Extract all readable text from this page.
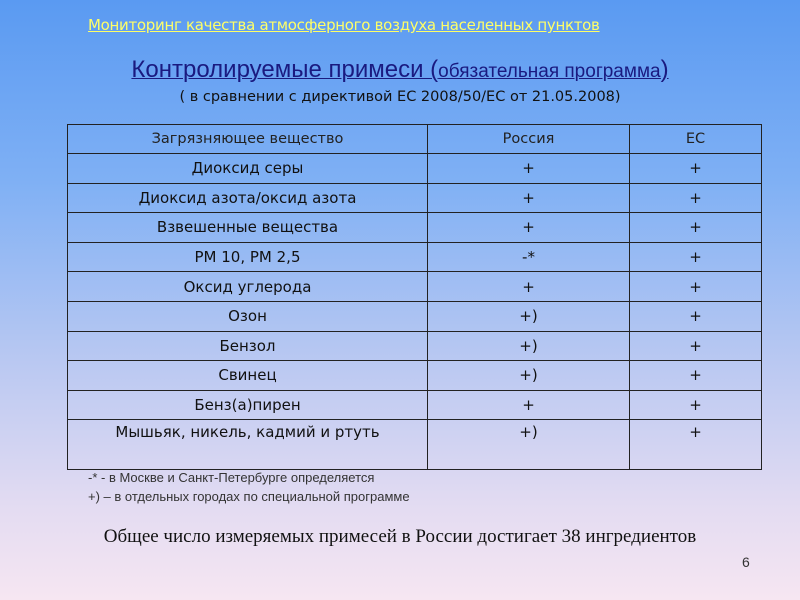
Мониторинг качества атмосферного воздуха населенных пунктов
Контролируемые примеси (обязательная программа)
( в сравнении с директивой ЕС 2008/50/ЕС от 21.05.2008)
Загрязняющее вещество	Россия	ЕС
Диоксид серы	+	+
Диоксид азота/оксид азота	+	+
Взвешенные вещества	+	+
PM 10, PM 2,5	-*	+
Оксид углерода	+	+
Озон	+)	+
Бензол	+)	+
Свинец	+)	+
Бенз(а)пирен	+	+
Мышьяк, никель, кадмий и ртуть	+)	+
-* - в Москве и Санкт-Петербурге определяется
+) – в отдельных городах по специальной программе
Общее число измеряемых примесей в России достигает 38 ингредиентов
6
